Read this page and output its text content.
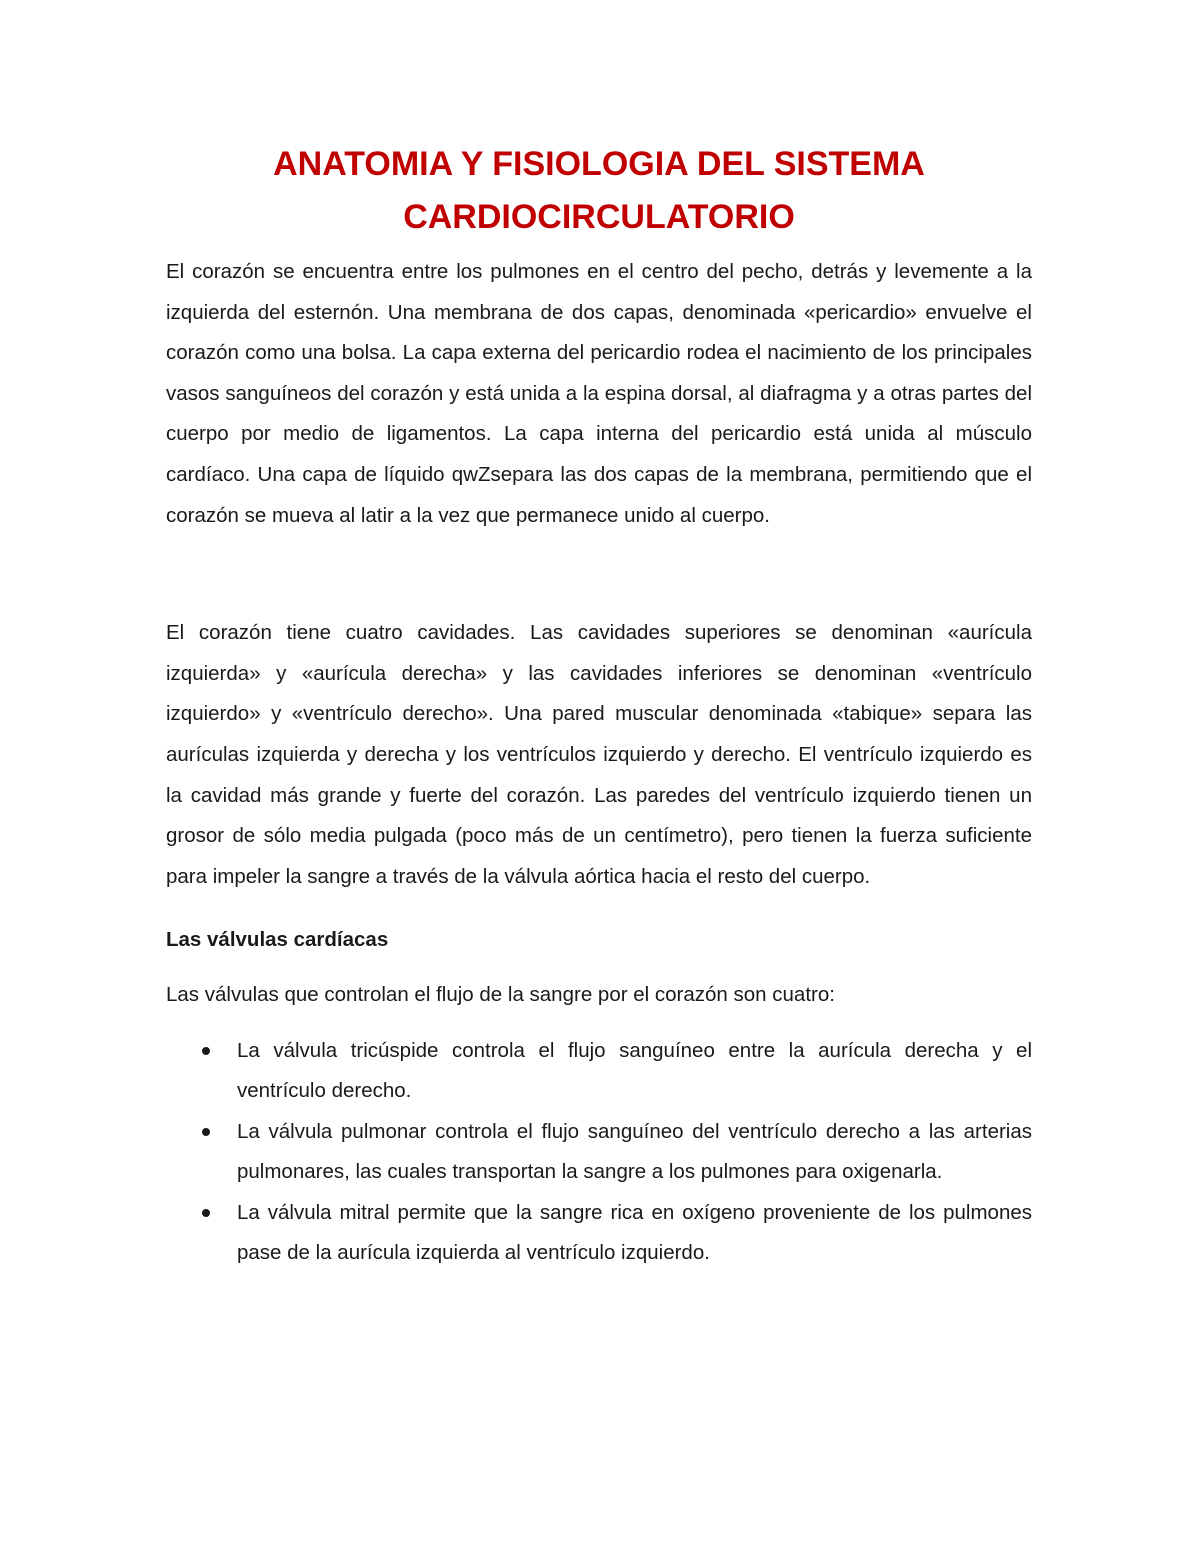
ANATOMIA Y FISIOLOGIA DEL SISTEMA CARDIOCIRCULATORIO

El corazón se encuentra entre los pulmones en el centro del pecho, detrás y levemente a la izquierda del esternón. Una membrana de dos capas, denominada «pericardio» envuelve el corazón como una bolsa. La capa externa del pericardio rodea el nacimiento de los principales vasos sanguíneos del corazón y está unida a la espina dorsal, al diafragma y a otras partes del cuerpo por medio de ligamentos. La capa interna del pericardio está unida al músculo cardíaco. Una capa de líquido qwZsepara las dos capas de la membrana, permitiendo que el corazón se mueva al latir a la vez que permanece unido al cuerpo.

El corazón tiene cuatro cavidades. Las cavidades superiores se denominan «aurícula izquierda» y «aurícula derecha» y las cavidades inferiores se denominan «ventrículo izquierdo» y «ventrículo derecho». Una pared muscular denominada «tabique» separa las aurículas izquierda y derecha y los ventrículos izquierdo y derecho. El ventrículo izquierdo es la cavidad más grande y fuerte del corazón. Las paredes del ventrículo izquierdo tienen un grosor de sólo media pulgada (poco más de un centímetro), pero tienen la fuerza suficiente para impeler la sangre a través de la válvula aórtica hacia el resto del cuerpo.

Las válvulas cardíacas

Las válvulas que controlan el flujo de la sangre por el corazón son cuatro:

La válvula tricúspide controla el flujo sanguíneo entre la aurícula derecha y el ventrículo derecho.
La válvula pulmonar controla el flujo sanguíneo del ventrículo derecho a las arterias pulmonares, las cuales transportan la sangre a los pulmones para oxigenarla.
La válvula mitral permite que la sangre rica en oxígeno proveniente de los pulmones pase de la aurícula izquierda al ventrículo izquierdo.
